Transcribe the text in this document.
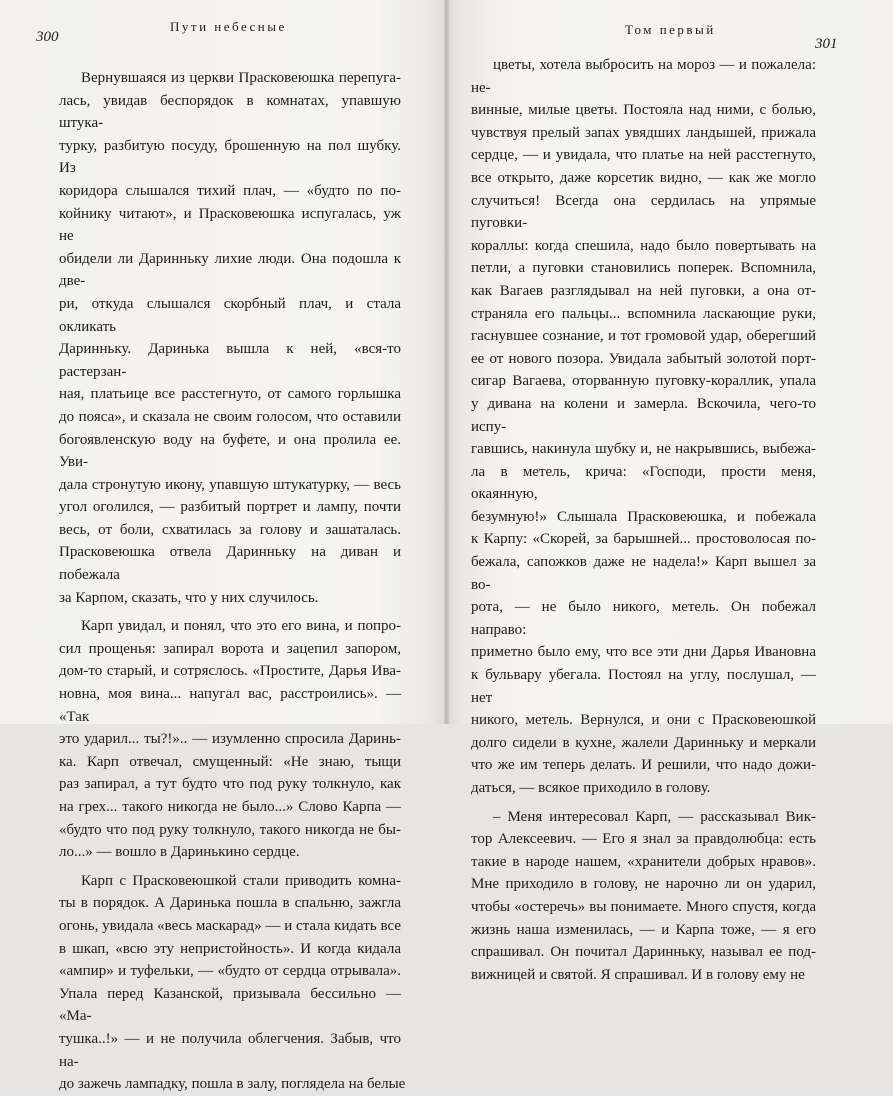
300
Пути небесные
Вернувшаяся из церкви Прасковеюшка перепуга-
лась, увидав беспорядок в комнатах, упавшую штука-
турку, разбитую посуду, брошенную на пол шубку. Из
коридора слышался тихий плач, — «будто по по-
койнику читают», и Прасковеюшка испугалась, уж не
обидели ли Даринньку лихие люди. Она подошла к две-
ри, откуда слышался скорбный плач, и стала окликать
Даринньку. Даринька вышла к ней, «вся-то растерзан-
ная, платьице все расстегнуто, от самого горлышка
до пояса», и сказала не своим голосом, что оставили
богоявленскую воду на буфете, и она пролила ее. Уви-
дала стронутую икону, упавшую штукатурку, — весь
угол оголился, — разбитый портрет и лампу, почти
весь, от боли, схватилась за голову и зашаталась.
Прасковеюшка отвела Даринньку на диван и побежала
за Карпом, сказать, что у них случилось.
Карп увидал, и понял, что это его вина, и попро-
сил прощенья: запирал ворота и зацепил запором,
дом-то старый, и сотряслось. «Простите, Дарья Ива-
новна, моя вина... напугал вас, расстроились». — «Так
это ударил... ты?!».. — изумленно спросила Даринь-
ка. Карп отвечал, смущенный: «Не знаю, тыщи
раз запирал, а тут будто что под руку толкнуло, как
на грех... такого никогда не было...» Слово Карпа —
«будто что под руку толкнуло, такого никогда не бы-
ло...» — вошло в Даринькино сердце.
Карп с Прасковеюшкой стали приводить комна-
ты в порядок. А Даринька пошла в спальню, зажгла
огонь, увидала «весь маскарад» — и стала кидать все
в шкап, «всю эту непристойность». И когда кидала
«ампир» и туфельки, — «будто от сердца отрывала».
Упала перед Казанской, призывала бессильно — «Ма-
тушка..!» — и не получила облегчения. Забыв, что на-
до зажечь лампадку, пошла в залу, поглядела на белые
Том первый
301
цветы, хотела выбросить на мороз — и пожалела: не-
винные, милые цветы. Постояла над ними, с болью,
чувствуя прелый запах увядших ландышей, прижала
сердце, — и увидала, что платье на ней расстегнуто,
все открыто, даже корсетик видно, — как же могло
случиться! Всегда она сердилась на упрямые пуговки-
кораллы: когда спешила, надо было повертывать на
петли, а пуговки становились поперек. Вспомнила,
как Вагаев разглядывал на ней пуговки, а она от-
страняла его пальцы... вспомнила ласкающие руки,
гаснувшее сознание, и тот громовой удар, оберегший
ее от нового позора. Увидала забытый золотой порт-
сигар Вагаева, оторванную пуговку-кораллик, упала
у дивана на колени и замерла. Вскочила, чего-то испу-
гавшись, накинула шубку и, не накрывшись, выбежа-
ла в метель, крича: «Господи, прости меня, окаянную,
безумную!» Слышала Прасковеюшка, и побежала
к Карпу: «Скорей, за барышней... простоволосая по-
бежала, сапожков даже не надела!» Карп вышел за во-
рота, — не было никого, метель. Он побежал направо:
приметно было ему, что все эти дни Дарья Ивановна
к бульвару убегала. Постоял на углу, послушал, — нет
никого, метель. Вернулся, и они с Прасковеюшкой
долго сидели в кухне, жалели Даринньку и меркали
что же им теперь делать. И решили, что надо дожи-
даться, — всякое приходило в голову.
– Меня интересовал Карп, — рассказывал Вик-
тор Алексеевич. — Его я знал за правдолюбца: есть
такие в народе нашем, «хранители добрых нравов».
Мне приходило в голову, не нарочно ли он ударил,
чтобы «остеречь» вы понимаете. Много спустя, когда
жизнь наша изменилась, — и Карпа тоже, — я его
спрашивал. Он почитал Даринньку, называл ее под-
вижницей и святой. Я спрашивал. И в голову ему не
